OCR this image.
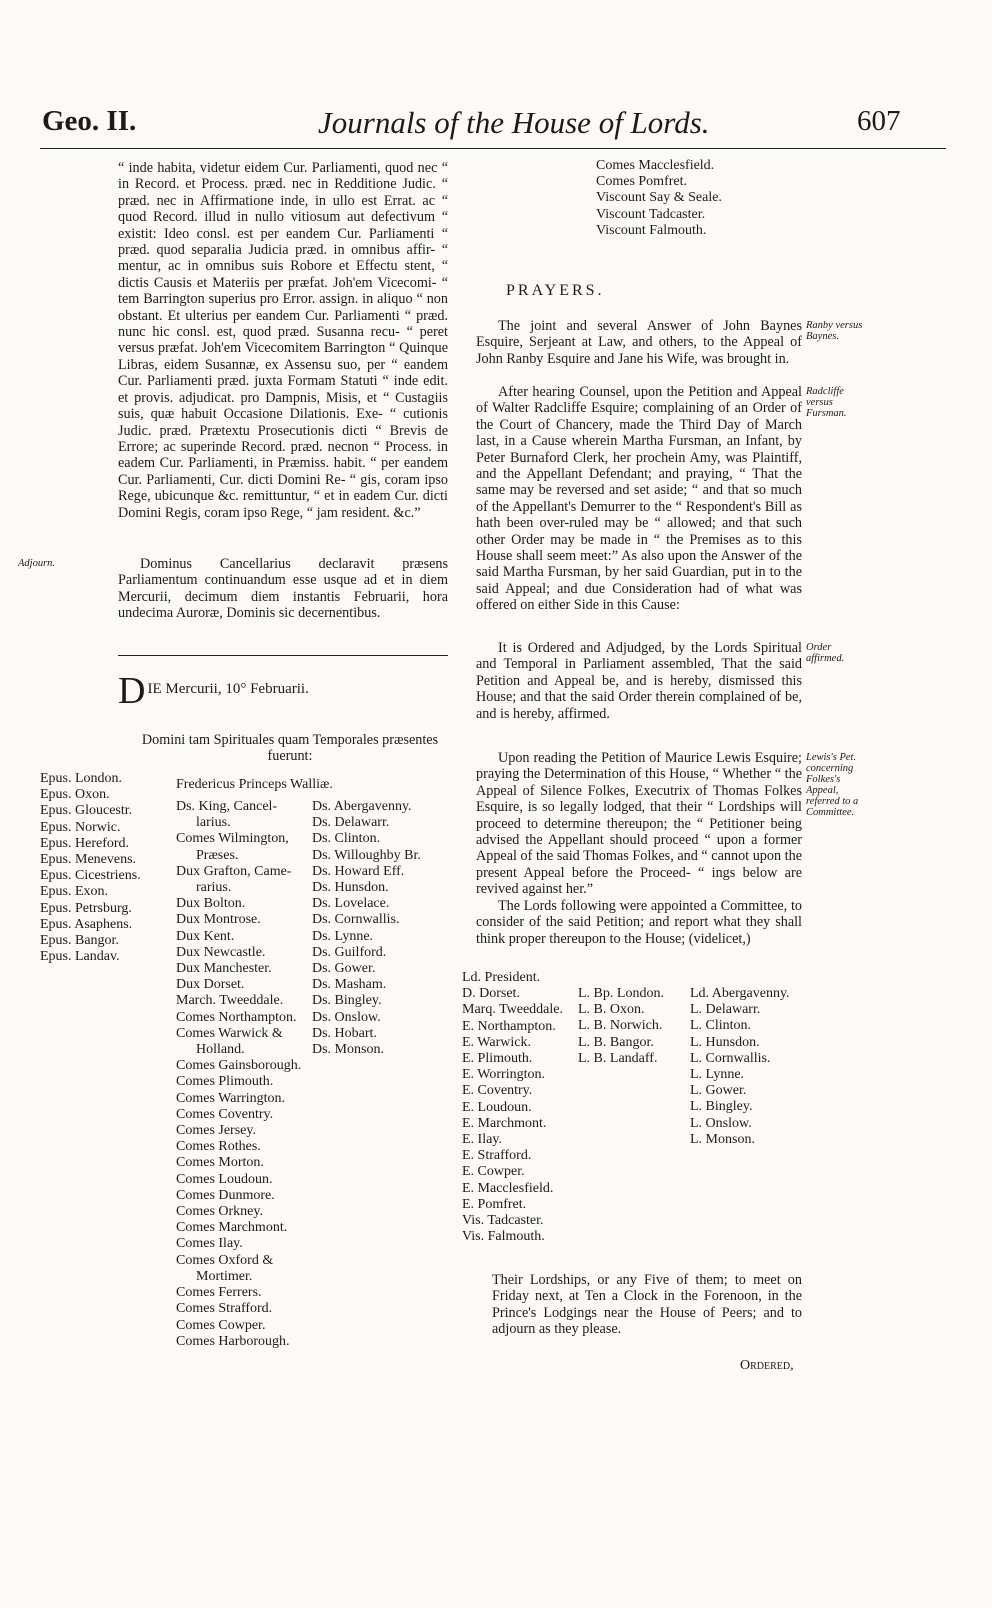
Geo. II.	Journals of the House of Lords.	607
“ inde habita, videtur eidem Cur. Parliamenti, quod nec “ in Record. et Process. præd. nec in Redditione Judic. “ præd. nec in Affirmatione inde, in ullo est Errat. ac “ quod Record. illud in nullo vitiosum aut defectivum “ existit: Ideo consl. est per eandem Cur. Parliamenti “ præd. quod separalia Judicia præd. in omnibus affir- “ mentur, ac in omnibus suis Robore et Effectu stent, “ dictis Causis et Materiis per præfat. Joh'em Vicecomi- “ tem Barrington superius pro Error. assign. in aliquo “ non obstant. Et ulterius per eandem Cur. Parliamenti “ præd. nunc hic consl. est, quod præd. Susanna recu- “ peret versus præfat. Joh'em Vicecomitem Barrington “ Quinque Libras, eidem Susannæ, ex Assensu suo, per “ eandem Cur. Parliamenti præd. juxta Formam Statuti “ inde edit. et provis. adjudicat. pro Dampnis, Misis, et “ Custagiis suis, quæ habuit Occasione Dilationis. Exe- “ cutionis Judic. præd. Prætextu Prosecutionis dicti “ Brevis de Errore; ac superinde Record. præd. necnon “ Process. in eadem Cur. Parliamenti, in Præmiss. habit. “ per eandem Cur. Parliamenti, Cur. dicti Domini Re- “ gis, coram ipso Rege, ubicunque &c. remittuntur, “ et in eadem Cur. dicti Domini Regis, coram ipso Rege, “ jam resident. &c.”
Adjourn.	Dominus Cancellarius declaravit præsens Parliamentum continuandum esse usque ad et in diem Mercurii, decimum diem instantis Februarii, hora undecima Auroræ, Dominis sic decernentibus.
D IE Mercurii, 10° Februarii.
Domini tam Spirituales quam Temporales præsentes fuerunt:
Epus. London.
Epus. Oxon.
Epus. Gloucestr.
Epus. Norwic.
Epus. Hereford.
Epus. Menevens.
Epus. Cicestriens.
Epus. Exon.
Epus. Petrsburg.
Epus. Asaphens.
Epus. Bangor.
Epus. Landav.
Fredericus Princeps Walliæ.
Ds. King, Cancel-
larius.
Comes Wilmington,
Præses.
Dux Grafton, Came-
rarius.
Dux Bolton.
Dux Montrose.
Dux Kent.
Dux Newcastle.
Dux Manchester.
Dux Dorset.
March. Tweeddale.
Comes Northampton.
Comes Warwick &
Holland.
Comes Gainsborough.
Comes Plimouth.
Comes Warrington.
Comes Coventry.
Comes Jersey.
Comes Rothes.
Comes Morton.
Comes Loudoun.
Comes Dunmore.
Comes Orkney.
Comes Marchmont.
Comes Ilay.
Comes Oxford &
Mortimer.
Comes Ferrers.
Comes Strafford.
Comes Cowper.
Comes Harborough.
Ds. Abergavenny.
Ds. Delawarr.
Ds. Clinton.
Ds. Willoughby Br.
Ds. Howard Eff.
Ds. Hunsdon.
Ds. Lovelace.
Ds. Cornwallis.
Ds. Lynne.
Ds. Guilford.
Ds. Gower.
Ds. Masham.
Ds. Bingley.
Ds. Onslow.
Ds. Hobart.
Ds. Monson.
Comes Macclesfield.
Comes Pomfret.
Viscount Say & Seale.
Viscount Tadcaster.
Viscount Falmouth.
PRAYERS.
The joint and several Answer of John Baynes Esquire, Serjeant at Law, and others, to the Appeal of John Ranby Esquire and Jane his Wife, was brought in.
Ranby versus Baynes.
After hearing Counsel, upon the Petition and Appeal of Walter Radcliffe Esquire; complaining of an Order of the Court of Chancery, made the Third Day of March last, in a Cause wherein Martha Fursman, an Infant, by Peter Burnaford Clerk, her prochein Amy, was Plaintiff, and the Appellant Defendant; and praying, “ That the same may be reversed and set aside; “ and that so much of the Appellant's Demurrer to the “ Respondent's Bill as hath been over-ruled may be “ allowed; and that such other Order may be made in “ the Premises as to this House shall seem meet:” As also upon the Answer of the said Martha Fursman, by her said Guardian, put in to the said Appeal; and due Consideration had of what was offered on either Side in this Cause:
Radcliffe versus Fursman.
It is Ordered and Adjudged, by the Lords Spiritual and Temporal in Parliament assembled, That the said Petition and Appeal be, and is hereby, dismissed this House; and that the said Order therein complained of be, and is hereby, affirmed.
Order affirmed.
Upon reading the Petition of Maurice Lewis Esquire; praying the Determination of this House, “ Whether “ the Appeal of Silence Folkes, Executrix of Thomas Folkes Esquire, is so legally lodged, that their “ Lordships will proceed to determine thereupon; the “ Petitioner being advised the Appellant should proceed “ upon a former Appeal of the said Thomas Folkes, and “ cannot upon the present Appeal before the Proceed- “ ings below are revived against her.”
Lewis's Pet. concerning Folkes's Appeal, referred to a Committee.
The Lords following were appointed a Committee, to consider of the said Petition; and report what they shall think proper thereupon to the House; (videlicet,)
Ld. President.
D. Dorset.
Marq. Tweeddale.
E. Northampton.
E. Warwick.
E. Plimouth.
E. Worrington.
E. Coventry.
E. Loudoun.
E. Marchmont.
E. Ilay.
E. Strafford.
E. Cowper.
E. Macclesfield.
E. Pomfret.
Vis. Tadcaster.
Vis. Falmouth.
L. Bp. London.
L. B. Oxon.
L. B. Norwich.
L. B. Bangor.
L. B. Landaff.
Ld. Abergavenny.
L. Delawarr.
L. Clinton.
L. Hunsdon.
L. Cornwallis.
L. Lynne.
L. Gower.
L. Bingley.
L. Onslow.
L. Monson.
Their Lordships, or any Five of them; to meet on Friday next, at Ten a Clock in the Forenoon, in the Prince's Lodgings near the House of Peers; and to adjourn as they please.
Ordered,
